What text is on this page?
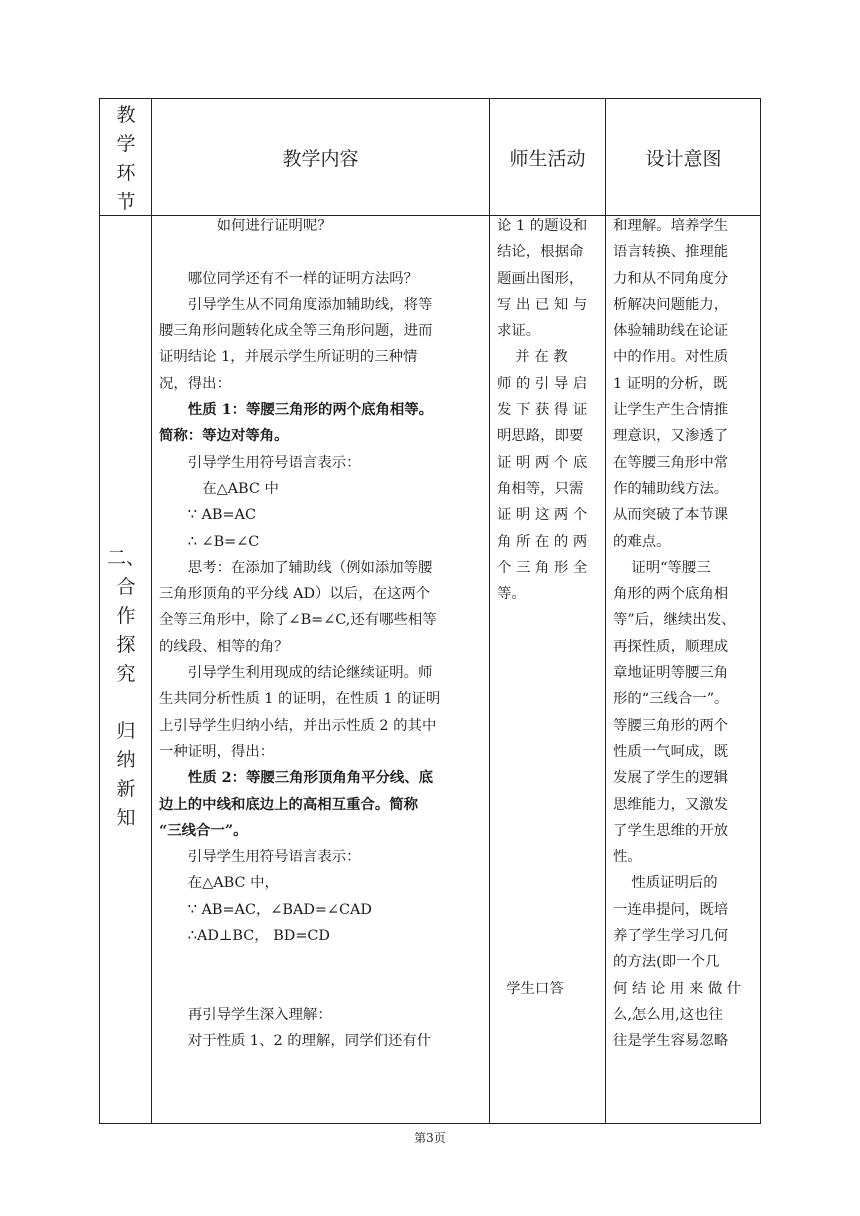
教学环节
教学内容	师生活动	设计意图
二、
合
作
探
究
归
纳
新
知
如何进行证明呢？
哪位同学还有不一样的证明方法吗？
引导学生从不同角度添加辅助线，将等
腰三角形问题转化成全等三角形问题，进而
证明结论 1，并展示学生所证明的三种情
况，得出：
性质 1：等腰三角形的两个底角相等。
简称：等边对等角。
引导学生用符号语言表示：
在△ABC 中
∵ AB=AC
∴ ∠B=∠C
思考：在添加了辅助线（例如添加等腰
三角形顶角的平分线 AD）以后，在这两个
全等三角形中，除了∠B=∠C,还有哪些相等
的线段、相等的角？
引导学生利用现成的结论继续证明。师
生共同分析性质 1 的证明，在性质 1 的证明
上引导学生归纳小结，并出示性质 2 的其中
一种证明，得出：
性质 2：等腰三角形顶角角平分线、底
边上的中线和底边上的高相互重合。简称
“三线合一”。
引导学生用符号语言表示：
在△ABC 中，
∵ AB=AC，∠BAD=∠CAD
∴AD⊥BC， BD=CD
再引导学生深入理解：
对于性质 1、2 的理解，同学们还有什
论 1 的题设和
结论，根据命
题画出图形，
写 出 已 知 与
求证。
并 在 教
师 的 引 导 启
发 下 获 得 证
明思路，即要
证 明 两 个 底
角相等，只需
证 明 这 两 个
角 所 在 的 两
个 三 角 形 全
等。
学生口答
和理解。培养学生
语言转换、推理能
力和从不同角度分
析解决问题能力，
体验辅助线在论证
中的作用。对性质
1 证明的分析，既
让学生产生合情推
理意识，又渗透了
在等腰三角形中常
作的辅助线方法。
从而突破了本节课
的难点。
证明“等腰三
角形的两个底角相
等”后，继续出发、
再探性质，顺理成
章地证明等腰三角
形的“三线合一”。
等腰三角形的两个
性质一气呵成，既
发展了学生的逻辑
思维能力，又激发
了学生思维的开放
性。
性质证明后的
一连串提问，既培
养了学生学习几何
的方法(即一个几
何 结 论 用 来 做 什
么,怎么用,这也往
往是学生容易忽略
第3页
